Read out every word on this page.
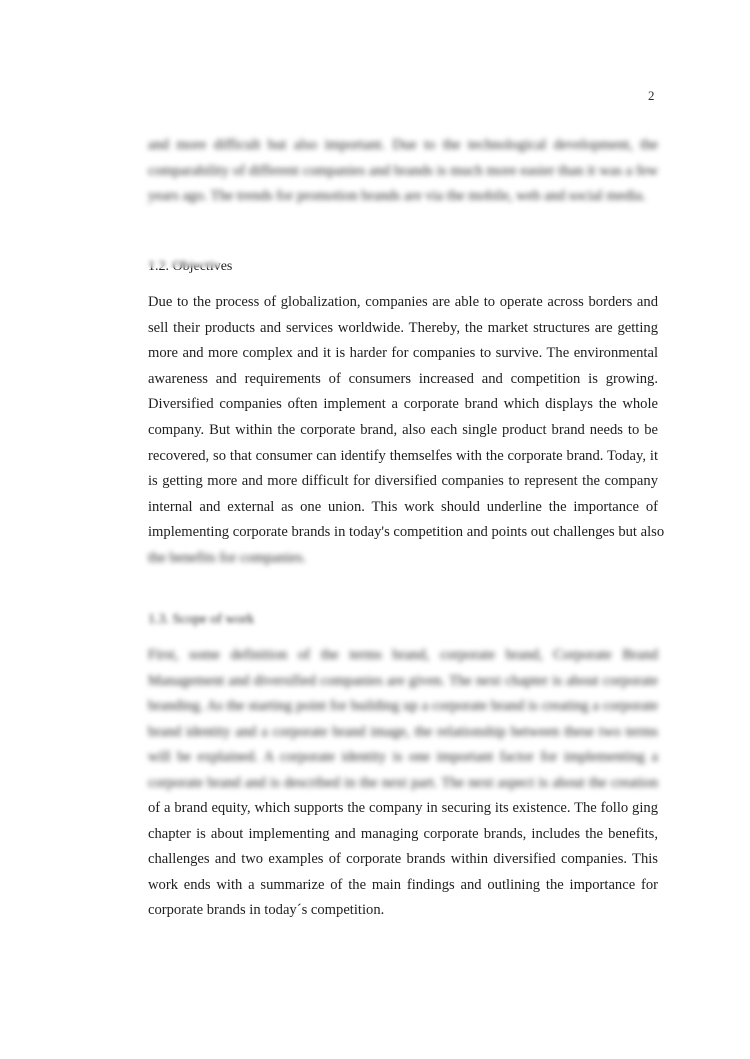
2
and more difficult but also important. Due to the technological development, the
comparability of different companies and brands is much more easier than it was a few
years ago. The trends for promotion brands are via the mobile, web and social media.
1.2. Objectives
Due to the process of globalization, companies are able to operate across borders and
sell their products and services worldwide. Thereby, the market structures are getting
more and more complex and it is harder for companies to survive. The environmental
awareness and requirements of consumers increased and competition is growing.
Diversified companies often implement a corporate brand which displays the whole
company. But within the corporate brand, also each single product brand needs to be
recovered, so that consumer can identify themselfes with the corporate brand. Today, it
is getting more and more difficult for diversified companies to represent the company
internal and external as one union. This work should underline the importance of
implementing corporate brands in today's competition and points out challenges but also
the benefits for companies.
1.3. Scope of work
First, some definition of the terms brand, corporate brand, Corporate Brand
Management and diversified companies are given. The next chapter is about corporate
branding. As the starting point for building up a corporate brand is creating a corporate
brand identity and a corporate brand image, the relationship between these two terms
will be explained. A corporate identity is one important factor for implementing a
corporate brand and is described in the next part. The next aspect is about the creation
of a brand equity, which supports the company in securing its existence. The follo ging
chapter is about implementing and managing corporate brands, includes the benefits,
challenges and two examples of corporate brands within diversified companies. This
work ends with a summarize of the main findings and outlining the importance for
corporate brands in today´s competition.
